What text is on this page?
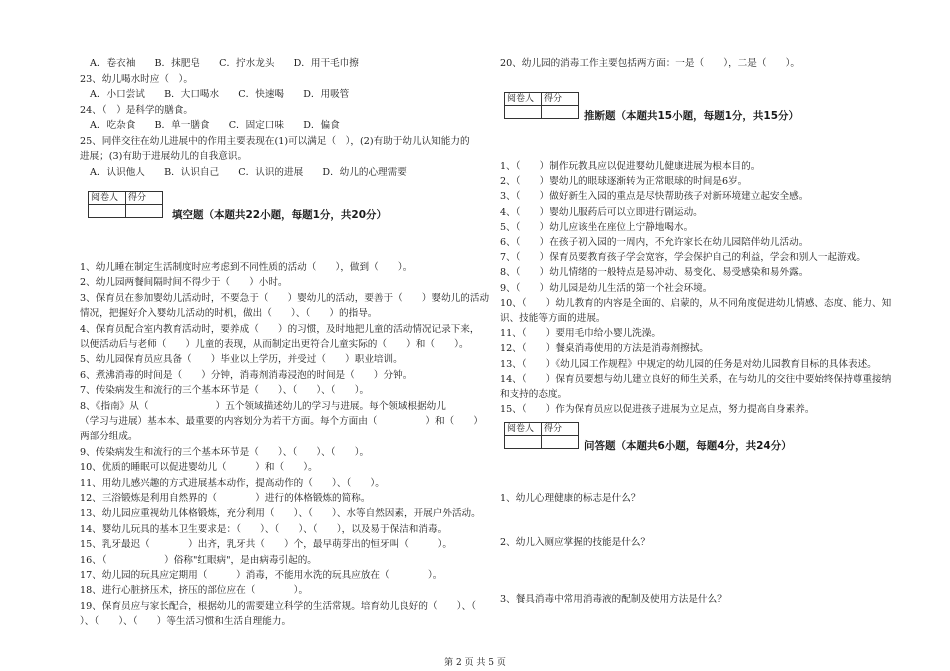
A．卷衣袖　　B．抹肥皂　　C．拧水龙头　　D．用干毛巾擦
23、幼儿喝水时应（　）。
A．小口尝试　　B．大口喝水　　C．快速喝　　D．用吸管
24、（　）是科学的膳食。
A．吃杂食　　B．单一膳食　　C．固定口味　　D．偏食
25、同伴交往在幼儿进展中的作用主要表现在(1)可以满足（　），(2)有助于幼儿认知能力的
进展；(3)有助于进展幼儿的自我意识。
A．认识他人　　B．认识自己　　C．认识的进展　　D．幼儿的心理需要
阅卷人	得分

填空题（本题共22小题，每题1分，共20分）
1、幼儿睡在制定生活制度时应考虑到不同性质的活动（　　），做到（　　）。
2、幼儿园两餐间隔时间不得少于（　　）小时。
3、保育员在参加婴幼儿活动时，不要急于（　　）婴幼儿的活动，要善于（　　）婴幼儿的活动
情况，把握好介入婴幼儿活动的时机，做出（　　）、（　　）的指导。
4、保育员配合室内教育活动时，要养成（　　）的习惯，及时地把儿童的活动情况记录下来，
以便活动后与老师（　　）儿童的表现，从而制定出更符合儿童实际的（　　）和（　　）。
5、幼儿园保育员应具备（　　）毕业以上学历，并受过（　　）职业培训。
6、煮沸消毒的时间是（　　）分钟，消毒剂消毒浸泡的时间是（　　）分钟。
7、传染病发生和流行的三个基本环节是（　　）、（　　）、（　　）。
8、《指南》从（　　　　　　　）五个领域描述幼儿的学习与进展。每个领域根据幼儿
（学习与进展）基本本、最重要的内容划分为若干方面。每个方面由（　　　　　）和（　　）
两部分组成。
9、传染病发生和流行的三个基本环节是（　　）、（　　）、（　　）。
10、优质的睡眠可以促进婴幼儿（　　　）和（　　）。
11、用幼儿感兴趣的方式进展基本动作，提高动作的（　　）、（　　）。
12、三浴锻炼是利用自然界的（　　　　）进行的体格锻炼的简称。
13、幼儿园应重视幼儿体格锻炼，充分利用（　　）、（　　）、水等自然因素，开展户外活动。
14、婴幼儿玩具的基本卫生要求是：（　　）、（　　）、（　　），以及易于保洁和消毒。
15、乳牙最迟（　　　　）出齐，乳牙共（　　）个，最早萌芽出的恒牙叫（　　　）。
16、（　　　　　　）俗称"红眼病"，是由病毒引起的。
17、幼儿园的玩具应定期用（　　　）消毒，不能用水洗的玩具应放在（　　　　）。
18、进行心脏挤压术，挤压的部位应在（　　　　）。
19、保育员应与家长配合，根据幼儿的需要建立科学的生活常规。培育幼儿良好的（　　）、（
）、（　　）、（　　）等生活习惯和生活自理能力。
20、幼儿园的消毒工作主要包括两方面：一是（　　），二是（　　）。
阅卷人	得分

推断题（本题共15小题，每题1分，共15分）
1、（　　）制作玩教具应以促进婴幼儿健康进展为根本目的。
2、（　　）婴幼儿的眼球逐渐转为正常眼球的时间是6岁。
3、（　　）做好新生入园的重点是尽快帮助孩子对新环境建立起安全感。
4、（　　）婴幼儿服药后可以立即进行剧运动。
5、（　　）幼儿应该坐在座位上宁静地喝水。
6、（　　）在孩子初入园的一周内，不允许家长在幼儿园陪伴幼儿活动。
7、（　　）保育员要教育孩子学会宽容，学会保护自己的利益，学会和别人一起游戏。
8、（　　）幼儿情绪的一般特点是易冲动、易变化、易受感染和易外露。
9、（　　）幼儿园是幼儿生活的第一个社会环境。
10、（　　）幼儿教育的内容是全面的、启蒙的，从不同角度促进幼儿情感、态度、能力、知
识、技能等方面的进展。
11、（　　）要用毛巾给小婴儿洗澡。
12、（　　）餐桌消毒使用的方法是消毒剂擦拭。
13、（　　）《幼儿园工作规程》中规定的幼儿园的任务是对幼儿园教育目标的具体表述。
14、（　　）保育员要想与幼儿建立良好的师生关系，在与幼儿的交往中要始终保持尊重接纳
和支持的态度。
15、（　　）作为保育员应以促进孩子进展为立足点，努力提高自身素养。
阅卷人	得分

问答题（本题共6小题，每题4分，共24分）
1、幼儿心理健康的标志是什么？
2、幼儿入厕应掌握的技能是什么？
3、餐具消毒中常用消毒液的配制及使用方法是什么？
第 2 页 共 5 页
